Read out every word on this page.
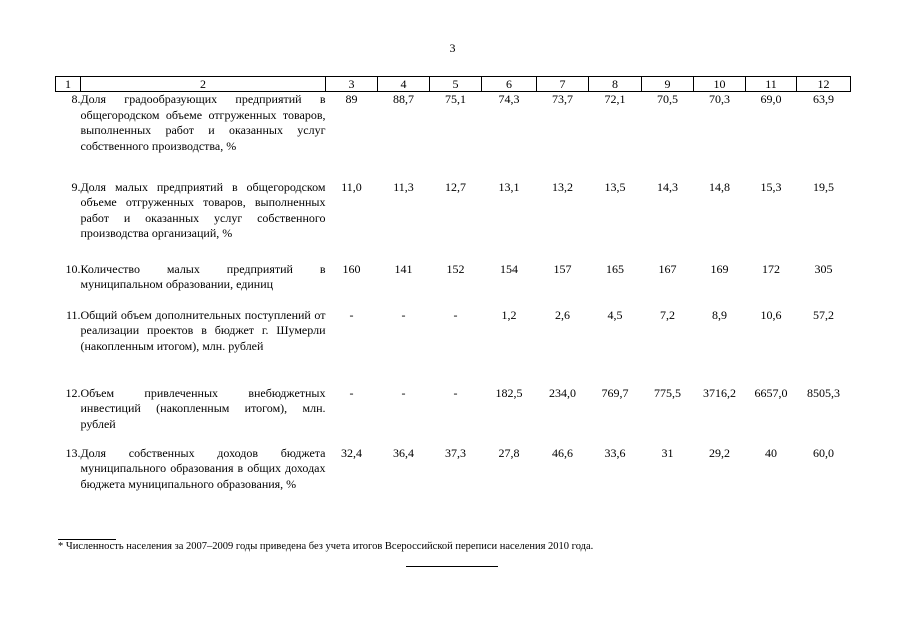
3
1	2	3	4	5	6	7	8	9	10	11	12
8.	Доля градообразующих предприятий в общегородском объеме отгруженных товаров, выполненных работ и оказанных услуг собственного производства, %	89	88,7	75,1	74,3	73,7	72,1	70,5	70,3	69,0	63,9
9.	Доля малых предприятий в общегородском объеме отгруженных товаров, выполненных работ и оказанных услуг собственного производства организаций, %	11,0	11,3	12,7	13,1	13,2	13,5	14,3	14,8	15,3	19,5
10.	Количество малых предприятий в муниципальном образовании, единиц	160	141	152	154	157	165	167	169	172	305
11.	Общий объем дополнительных поступлений от реализации проектов в бюджет г. Шумерли (накопленным итогом), млн. рублей	-	-	-	1,2	2,6	4,5	7,2	8,9	10,6	57,2
12.	Объем привлеченных внебюджетных инвестиций (накопленным итогом), млн. рублей	-	-	-	182,5	234,0	769,7	775,5	3716,2	6657,0	8505,3
13.	Доля собственных доходов бюджета муниципального образования в общих доходах бюджета муниципального образования, %	32,4	36,4	37,3	27,8	46,6	33,6	31	29,2	40	60,0
* Численность населения за 2007–2009 годы приведена без учета итогов Всероссийской переписи населения 2010 года.
